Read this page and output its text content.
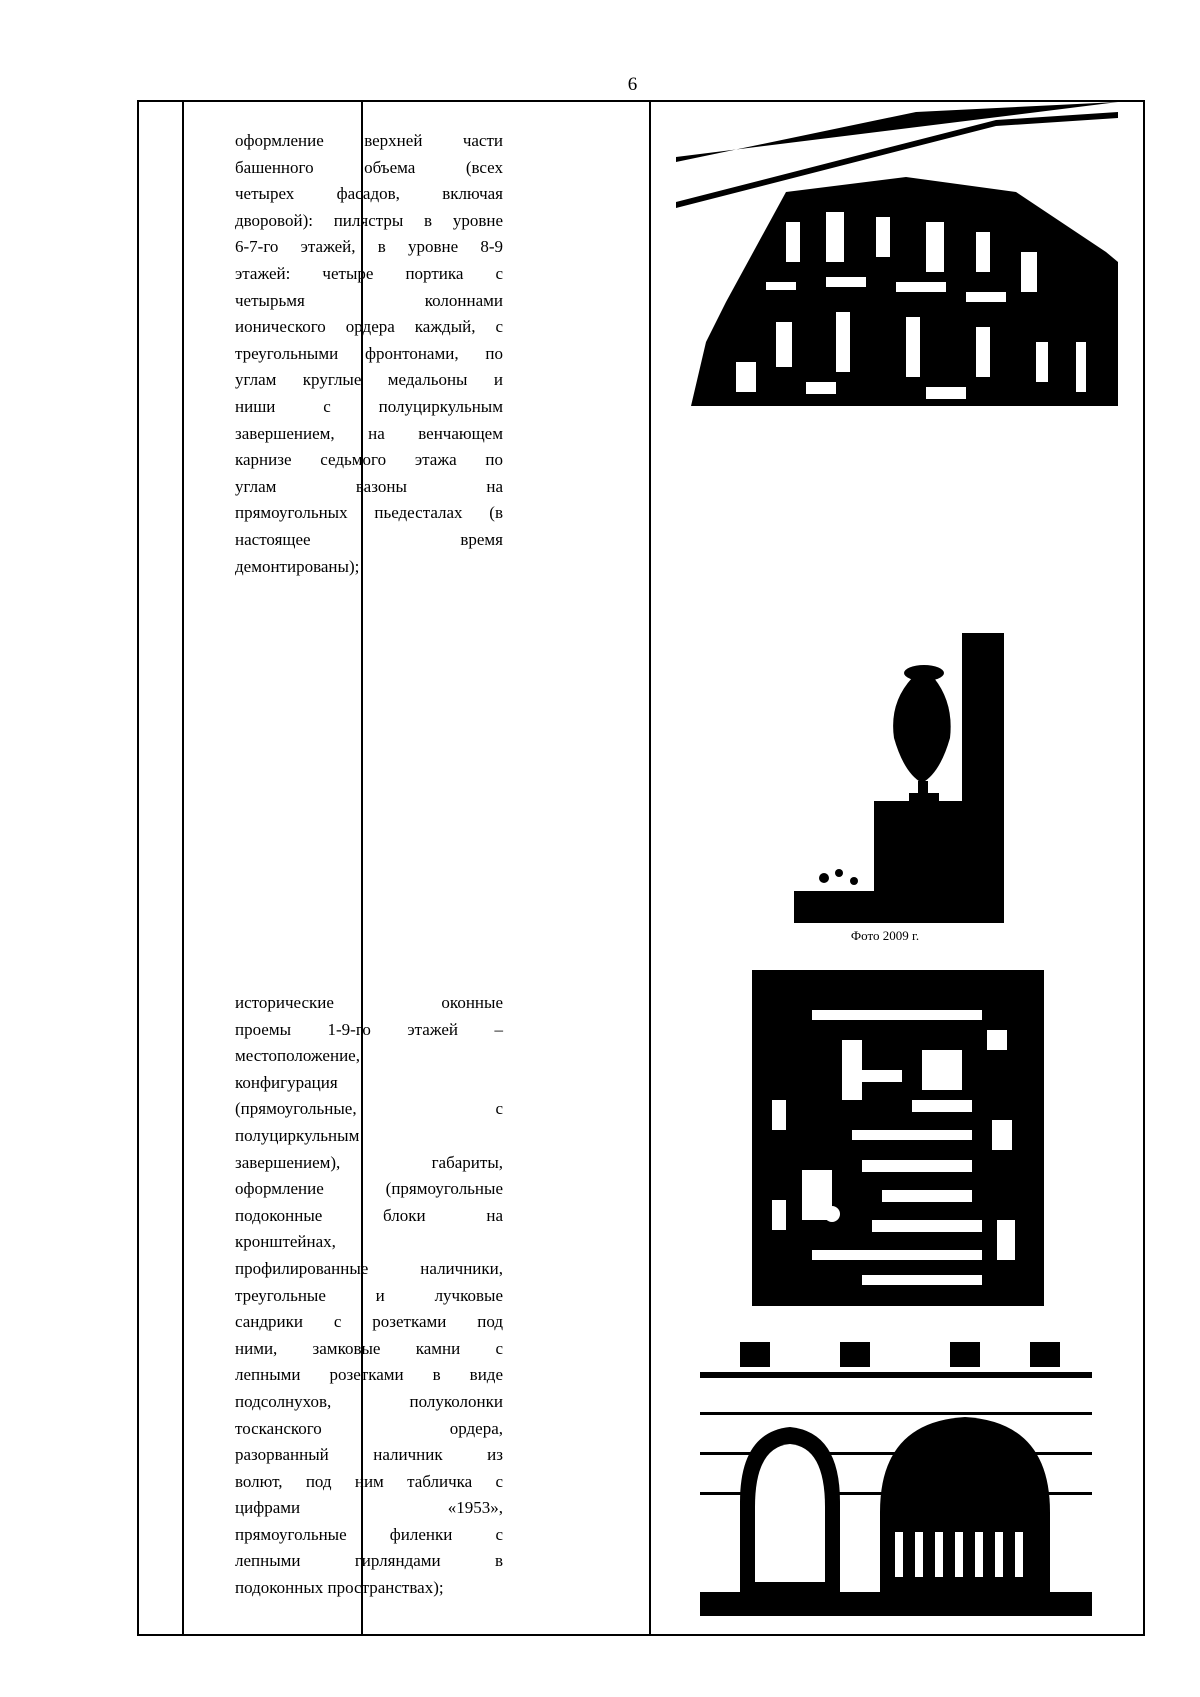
6
оформление верхней части
башенного объема (всех
четырех фасадов, включая
дворовой): пилястры в уровне
6-7-го этажей, в уровне 8-9
этажей: четыре портика с
четырьмя колоннами
ионического ордера каждый, с
треугольными фронтонами, по
углам круглые медальоны и
ниши с полуциркульным
завершением, на венчающем
карнизе седьмого этажа по
углам вазоны на
прямоугольных пьедесталах (в
настоящее время
демонтированы);
исторические оконные
проемы 1-9-го этажей –
местоположение,
конфигурация
(прямоугольные, с
полуциркульным
завершением), габариты,
оформление (прямоугольные
подоконные блоки на
кронштейнах,
профилированные наличники,
треугольные и лучковые
сандрики с розетками под
ними, замковые камни с
лепными розетками в виде
подсолнухов, полуколонки
тосканского ордера,
разорванный наличник из
волют, под ним табличка с
цифрами «1953»,
прямоугольные филенки с
лепными гирляндами в
подоконных пространствах);
Фото 2009 г.
